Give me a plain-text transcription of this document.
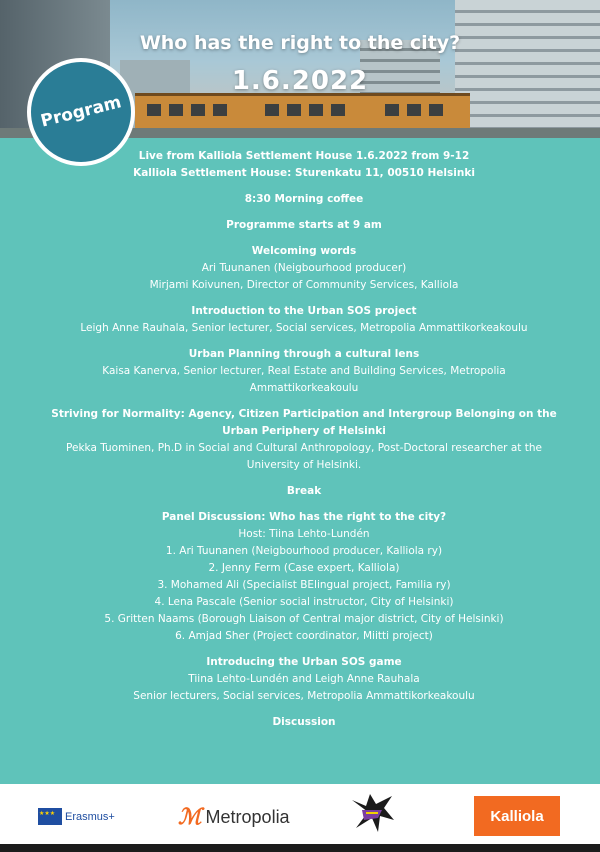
Who has the right to the city?
1.6.2022
Program
Live from Kalliola Settlement House 1.6.2022 from 9-12
Kalliola Settlement House: Sturenkatu 11, 00510 Helsinki
8:30 Morning coffee
Programme starts at 9 am
Welcoming words
Ari Tuunanen (Neigbourhood producer)
Mirjami Koivunen, Director of Community Services, Kalliola
Introduction to the Urban SOS project
Leigh Anne Rauhala, Senior lecturer, Social services, Metropolia Ammattikorkeakoulu
Urban Planning through a cultural lens
Kaisa Kanerva, Senior lecturer, Real Estate and Building Services, Metropolia
Ammattikorkeakoulu
Striving for Normality: Agency, Citizen Participation and Intergroup Belonging on the
Urban Periphery of Helsinki
Pekka Tuominen, Ph.D in Social and Cultural Anthropology, Post-Doctoral researcher at the
University of Helsinki.
Break
Panel Discussion: Who has the right to the city?
Host: Tiina Lehto-Lundén
1. Ari Tuunanen (Neigbourhood producer, Kalliola ry)
2. Jenny Ferm (Case expert, Kalliola)
3. Mohamed Ali (Specialist BElingual project, Familia ry)
4. Lena Pascale (Senior social instructor, City of Helsinki)
5. Gritten Naams (Borough Liaison of Central major district, City of Helsinki)
6. Amjad Sher (Project coordinator, Miitti project)
Introducing the Urban SOS game
Tiina Lehto-Lundén and Leigh Anne Rauhala
Senior lecturers, Social services, Metropolia Ammattikorkeakoulu
Discussion
★★★
Erasmus+	ℳ Metropolia	Kalliola
